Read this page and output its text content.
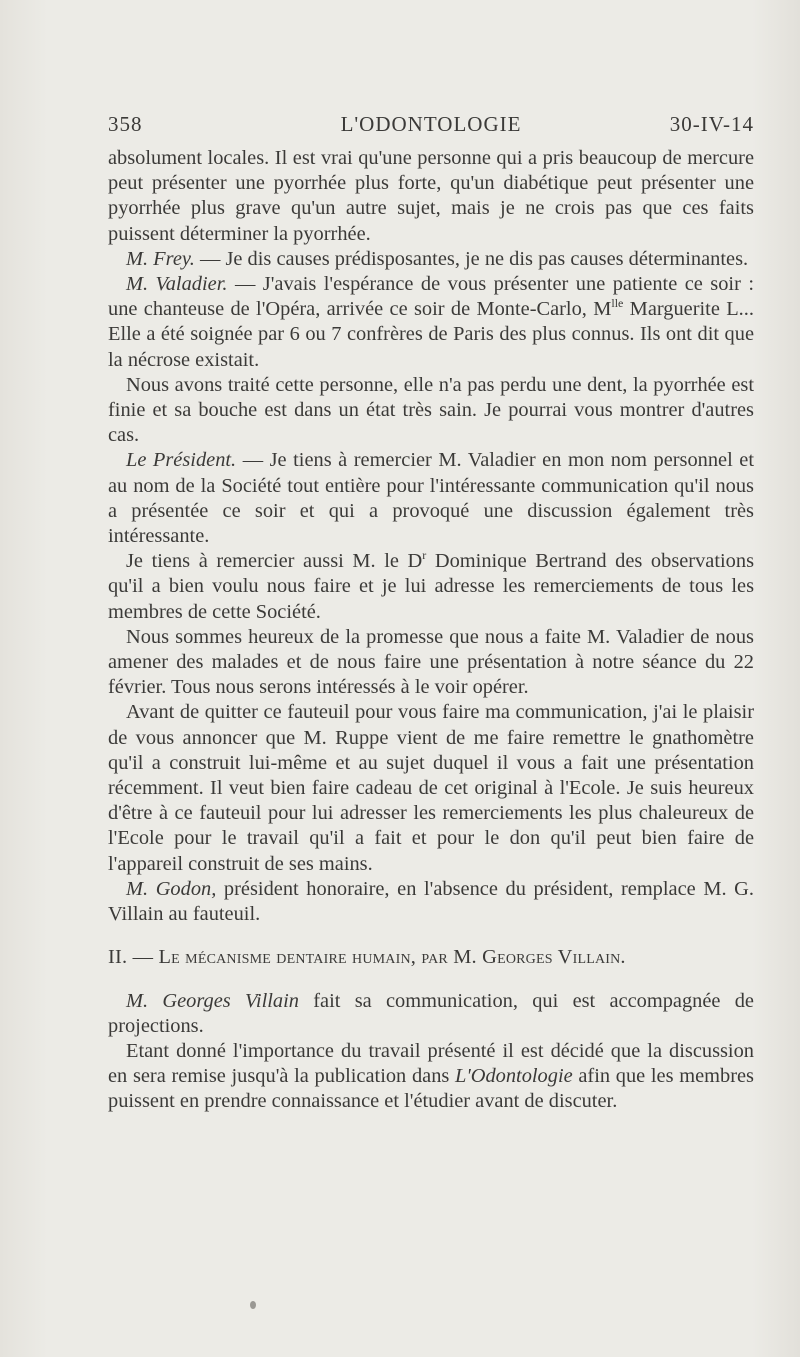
358	L'ODONTOLOGIE	30-IV-14

absolument locales. Il est vrai qu'une personne qui a pris beaucoup de mercure peut présenter une pyorrhée plus forte, qu'un diabétique peut présenter une pyorrhée plus grave qu'un autre sujet, mais je ne crois pas que ces faits puissent déterminer la pyorrhée.

M. Frey. — Je dis causes prédisposantes, je ne dis pas causes déterminantes.

M. Valadier. — J'avais l'espérance de vous présenter une patiente ce soir : une chanteuse de l'Opéra, arrivée ce soir de Monte-Carlo, $M^{lle}$ Marguerite L... Elle a été soignée par 6 ou 7 confrères de Paris des plus connus. Ils ont dit que la nécrose existait.

Nous avons traité cette personne, elle n'a pas perdu une dent, la pyorrhée est finie et sa bouche est dans un état très sain. Je pourrai vous montrer d'autres cas.

Le Président. — Je tiens à remercier M. Valadier en mon nom personnel et au nom de la Société tout entière pour l'intéressante communication qu'il nous a présentée ce soir et qui a provoqué une discussion également très intéressante.

Je tiens à remercier aussi M. le $D^r$ Dominique Bertrand des observations qu'il a bien voulu nous faire et je lui adresse les remerciements de tous les membres de cette Société.

Nous sommes heureux de la promesse que nous a faite M. Valadier de nous amener des malades et de nous faire une présentation à notre séance du 22 février. Tous nous serons intéressés à le voir opérer.

Avant de quitter ce fauteuil pour vous faire ma communication, j'ai le plaisir de vous annoncer que M. Ruppe vient de me faire remettre le gnathomètre qu'il a construit lui-même et au sujet duquel il vous a fait une présentation récemment. Il veut bien faire cadeau de cet original à l'Ecole. Je suis heureux d'être à ce fauteuil pour lui adresser les remerciements les plus chaleureux de l'Ecole pour le travail qu'il a fait et pour le don qu'il peut bien faire de l'appareil construit de ses mains.

M. Godon, président honoraire, en l'absence du président, remplace M. G. Villain au fauteuil.

II. — Le mécanisme dentaire humain, par M. Georges Villain.

M. Georges Villain fait sa communication, qui est accompagnée de projections.

Etant donné l'importance du travail présenté il est décidé que la discussion en sera remise jusqu'à la publication dans L'Odontologie afin que les membres puissent en prendre connaissance et l'étudier avant de discuter.
